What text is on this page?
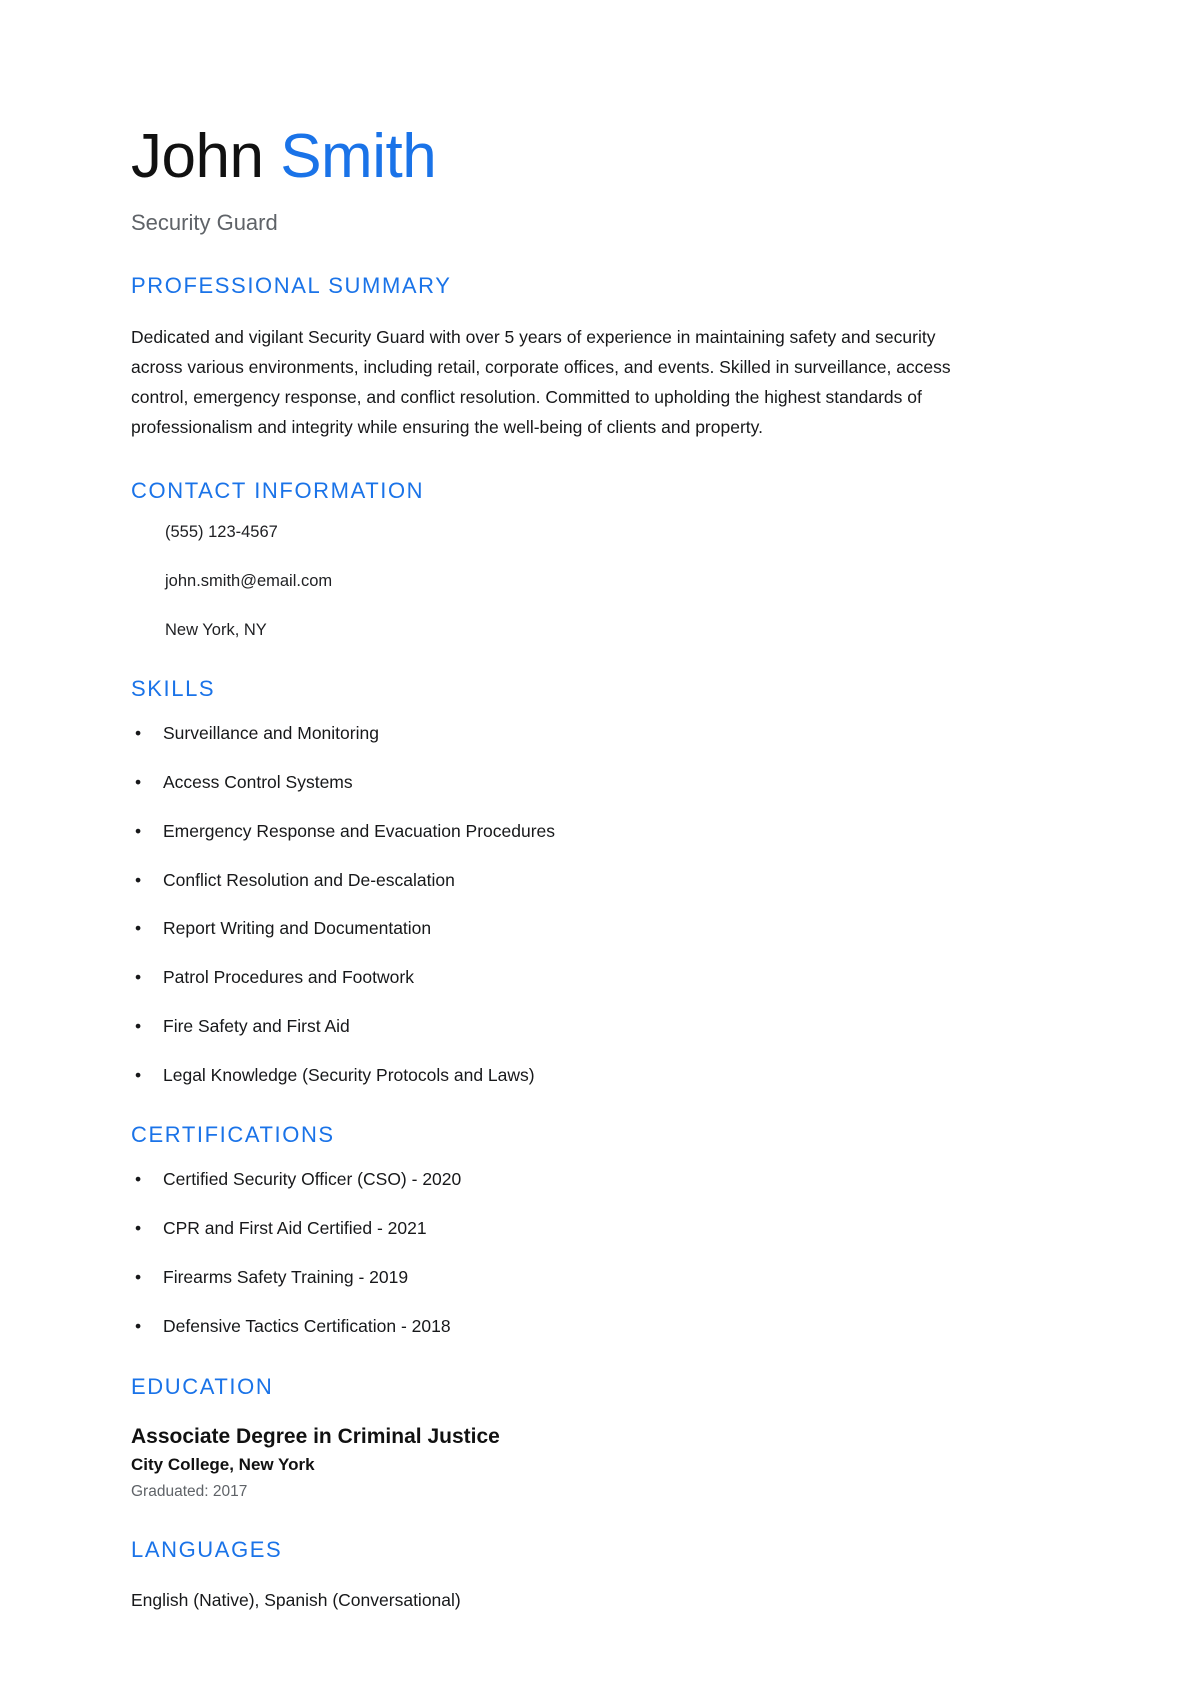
John Smith
Security Guard
PROFESSIONAL SUMMARY
Dedicated and vigilant Security Guard with over 5 years of experience in maintaining safety and security across various environments, including retail, corporate offices, and events. Skilled in surveillance, access control, emergency response, and conflict resolution. Committed to upholding the highest standards of professionalism and integrity while ensuring the well-being of clients and property.
CONTACT INFORMATION
(555) 123-4567
john.smith@email.com
New York, NY
SKILLS
• Surveillance and Monitoring
• Access Control Systems
• Emergency Response and Evacuation Procedures
• Conflict Resolution and De-escalation
• Report Writing and Documentation
• Patrol Procedures and Footwork
• Fire Safety and First Aid
• Legal Knowledge (Security Protocols and Laws)
CERTIFICATIONS
• Certified Security Officer (CSO) - 2020
• CPR and First Aid Certified - 2021
• Firearms Safety Training - 2019
• Defensive Tactics Certification - 2018
EDUCATION
Associate Degree in Criminal Justice
City College, New York
Graduated: 2017
LANGUAGES
English (Native), Spanish (Conversational)
